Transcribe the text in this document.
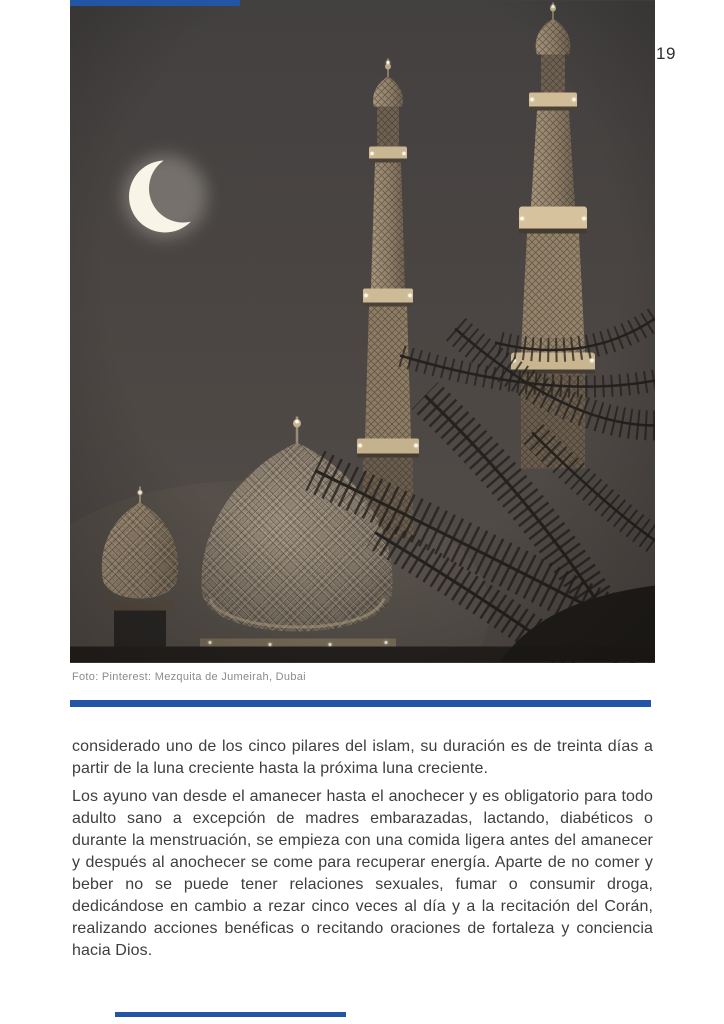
19
Foto: Pinterest: Mezquita de Jumeirah, Dubai

considerado uno de los cinco pilares del islam, su duración es de treinta días a partir de la luna creciente hasta la próxima luna creciente.

Los ayuno van desde el amanecer hasta el anochecer y es obligatorio para todo adulto sano a excepción de madres embarazadas, lactando, diabéticos o durante la menstruación, se empieza con una comida ligera antes del amanecer y después al anochecer se come para recuperar energía. Aparte de no comer y beber no se puede tener relaciones sexuales, fumar o consumir droga, dedicándose en cambio a rezar cinco veces al día y a la recitación del Corán, realizando acciones benéficas o recitando oraciones de fortaleza y conciencia hacia Dios.
